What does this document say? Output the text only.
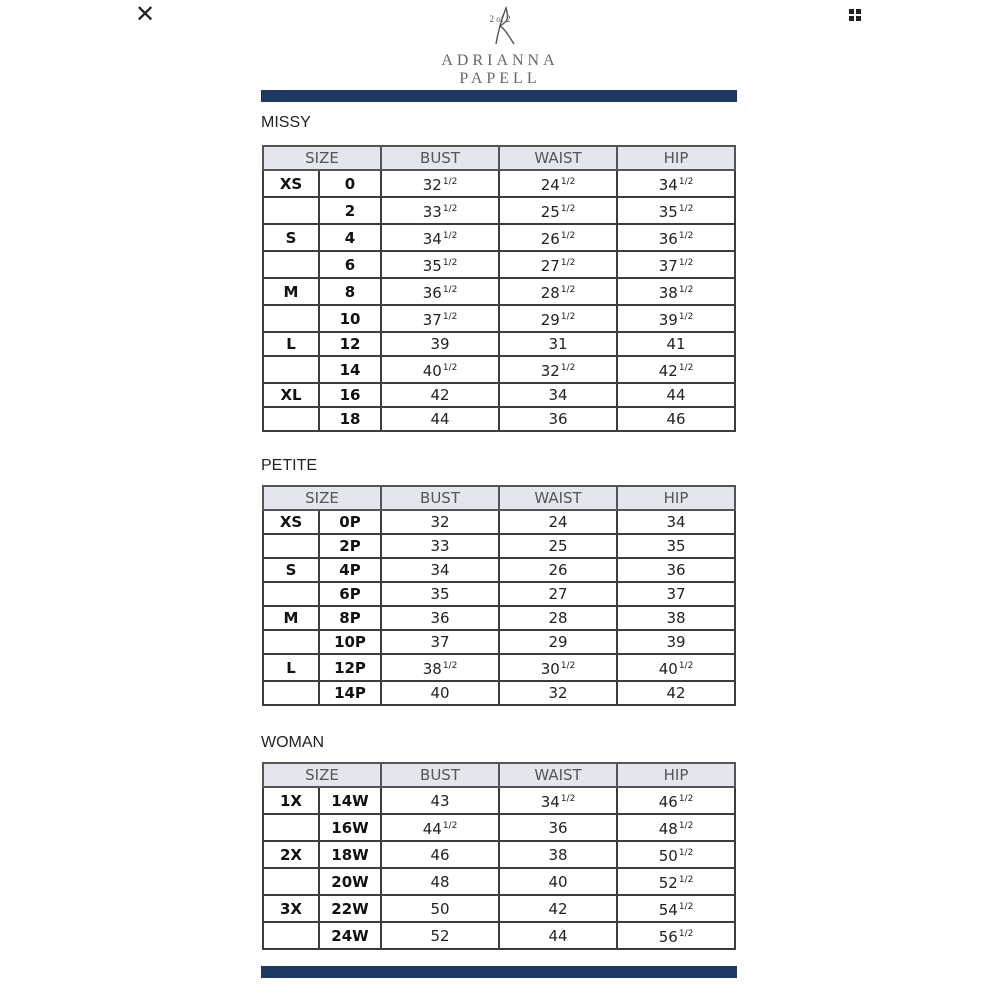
✕	2 of 2
ADRIANNA
PAPELL
MISSY
SIZE		BUST	WAIST	HIP
XS	0	$32^{1/2}$	$24^{1/2}$	$34^{1/2}$
	2	$33^{1/2}$	$25^{1/2}$	$35^{1/2}$
S	4	$34^{1/2}$	$26^{1/2}$	$36^{1/2}$
	6	$35^{1/2}$	$27^{1/2}$	$37^{1/2}$
M	8	$36^{1/2}$	$28^{1/2}$	$38^{1/2}$
	10	$37^{1/2}$	$29^{1/2}$	$39^{1/2}$
L	12	39	31	41
	14	$40^{1/2}$	$32^{1/2}$	$42^{1/2}$
XL	16	42	34	44
	18	44	36	46
PETITE
SIZE		BUST	WAIST	HIP
XS	0P	32	24	34
	2P	33	25	35
S	4P	34	26	36
	6P	35	27	37
M	8P	36	28	38
	10P	37	29	39
L	12P	$38^{1/2}$	$30^{1/2}$	$40^{1/2}$
	14P	40	32	42
WOMAN
SIZE		BUST	WAIST	HIP
1X	14W	43	$34^{1/2}$	$46^{1/2}$
	16W	$44^{1/2}$	36	$48^{1/2}$
2X	18W	46	38	$50^{1/2}$
	20W	48	40	$52^{1/2}$
3X	22W	50	42	$54^{1/2}$
	24W	52	44	$56^{1/2}$
